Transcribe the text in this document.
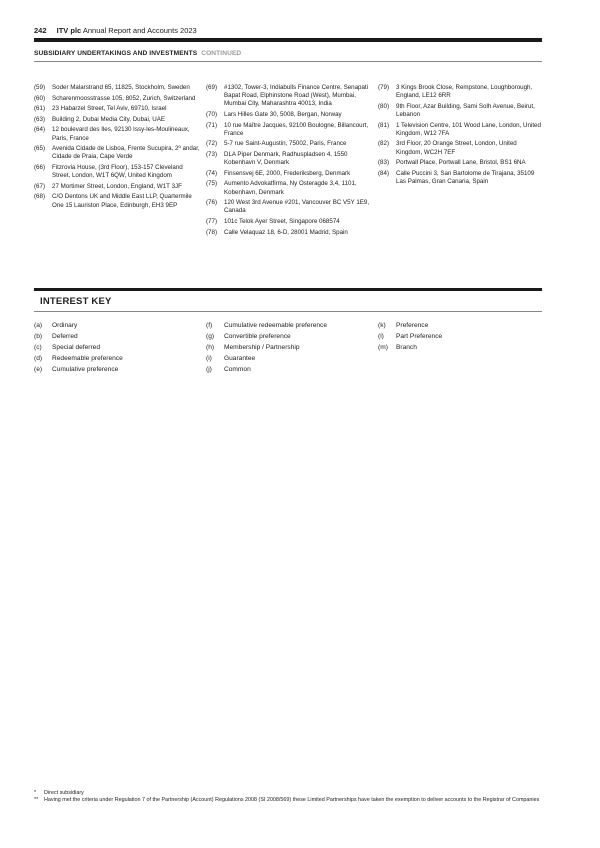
242 ITV plc Annual Report and Accounts 2023
SUBSIDIARY UNDERTAKINGS AND INVESTMENTS CONTINUED
(59)	Soder Malarstrand 65, 11825, Stockholm, Sweden
(60)	Scharenmoosstrasse 105, 8052, Zurich, Switzerland
(61)	23 Habarzel Street, Tel Aviv, 69710, Israel
(63)	Building 2, Dubai Media City, Dubai, UAE
(64)	12 boulevard des Iles, 92130 Issy-les-Moulineaux, Paris, France
(65)	Avenida Cidade de Lisboa, Frente Sucupira, 2º andar, Cidade de Praia, Cape Verde
(66)	Fitzrovia House, (3rd Floor), 153-157 Cleveland Street, London, W1T 6QW, United Kingdom
(67)	27 Mortimer Street, London, England, W1T 3JF
(68)	C/O Dentons UK and Middle East LLP, Quartermile One 15 Lauriston Place, Edinburgh, EH3 9EP
(69)	#1302, Tower-3, Indiabulls Finance Centre, Senapati Bapat Road, Elphinstone Road (West), Mumbai, Mumbai City, Maharashtra 40013, India
(70)	Lars Hilles Gate 30, 5008, Bergan, Norway
(71)	10 rue Maître Jacques, 92100 Boulogne, Billancourt, France
(72)	5-7 rue Saint-Augustin, 75002, Paris, France
(73)	DLA Piper Denmark, Radhuspladsen 4, 1550 Kobenhavn V, Denmark
(74)	Finsensvej 6E, 2000, Frederiksberg, Denmark
(75)	Aumento Advokatfirma, Ny Osteragde 3,4, 1101, Kobenhavn, Denmark
(76)	120 West 3rd Avenue #201, Vancouver BC V5Y 1E9, Canada
(77)	101c Telok Ayer Street, Singapore 068574
(78)	Calle Velaquaz 18, 6-D, 28001 Madrid, Spain
(79)	3 Kings Brook Close, Rempstone, Loughborough, England, LE12 6RR
(80)	9th Floor, Azar Building, Sami Solh Avenue, Beirut, Lebanon
(81)	1 Television Centre, 101 Wood Lane, London, United Kingdom, W12 7FA
(82)	3rd Floor, 20 Orange Street, London, United Kingdom, WC2H 7EF
(83)	Portwall Place, Portwall Lane, Bristol, BS1 6NA
(84)	Calle Puccini 3, San Bartolome de Tirajana, 35109 Las Palmas, Gran Canaria, Spain
INTEREST KEY
(a)	Ordinary
(b)	Deferred
(c)	Special deferred
(d)	Redeemable preference
(e)	Cumulative preference
(f)	Cumulative redeemable preference
(g)	Convertible preference
(h)	Membership / Partnership
(i)	Guarantee
(j)	Common
(k)	Preference
(l)	Part Preference
(m)	Branch
*	Direct subsidiary
**	Having met the criteria under Regulation 7 of the Partnership (Account) Regulations 2008 (SI 2008/569) these Limited Partnerships have taken the exemption to deliver accounts to the Registrar of Companies
